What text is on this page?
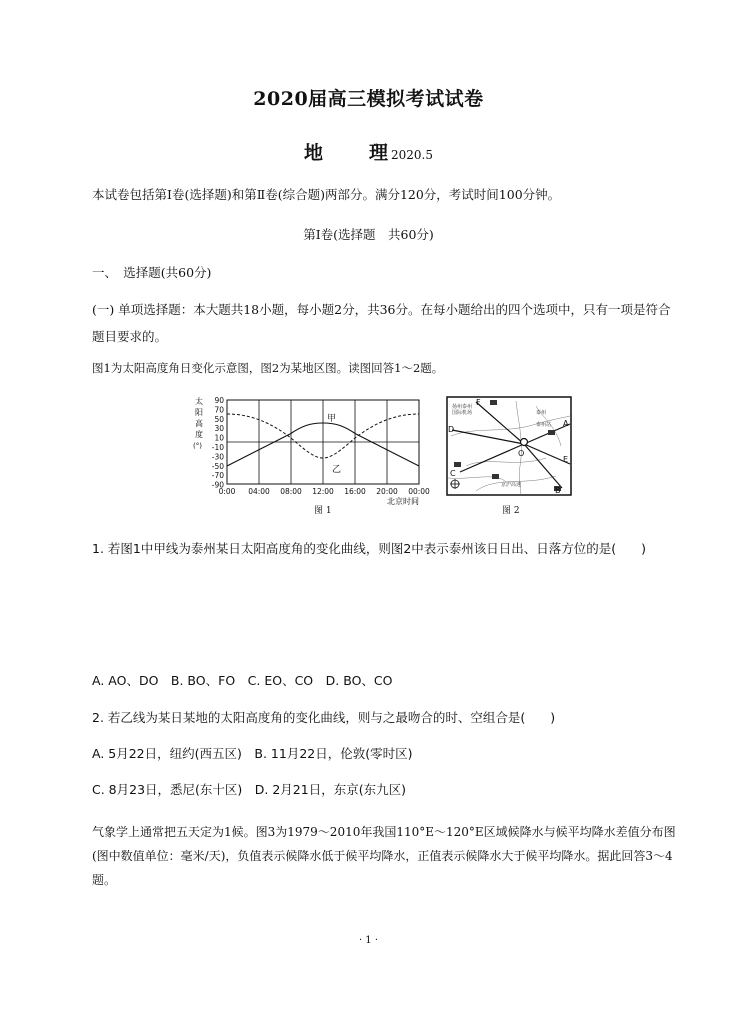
2020届高三模拟考试试卷
地 理 2020.5
本试卷包括第Ⅰ卷(选择题)和第Ⅱ卷(综合题)两部分。满分120分，考试时间100分钟。
第Ⅰ卷(选择题　共60分)
一、　选择题(共60分)
(一) 单项选择题：本大题共18小题，每小题2分，共36分。在每小题给出的四个选项中，只有一项是符合题目要求的。
图1为太阳高度角日变化示意图，图2为某地区图。读图回答1～2题。
太
阳
高
度
(°)
90
70
50
30
10
-10
-30
-50
-70
-90
甲
乙
0:00 04:00 08:00 12:00 16:00 20:00 00:00
北京时间
图 1
扬州泰州
国际机场
泰州站
泰州
京沪高速
A
B
C
D
E
F
O
图 2
1. 若图1中甲线为泰州某日太阳高度角的变化曲线，则图2中表示泰州该日日出、日落方位的是(　　)
A. AO、DO　B. BO、FO　C. EO、CO　D. BO、CO
2. 若乙线为某日某地的太阳高度角的变化曲线，则与之最吻合的时、空组合是(　　)
A. 5月22日，纽约(西五区)　B. 11月22日，伦敦(零时区)
C. 8月23日，悉尼(东十区)　D. 2月21日，东京(东九区)
气象学上通常把五天定为1候。图3为1979～2010年我国110°E～120°E区域候降水与候平均降水差值分布图(图中数值单位：毫米/天)，负值表示候降水低于候平均降水，正值表示候降水大于候平均降水。据此回答3～4题。
· 1 ·
